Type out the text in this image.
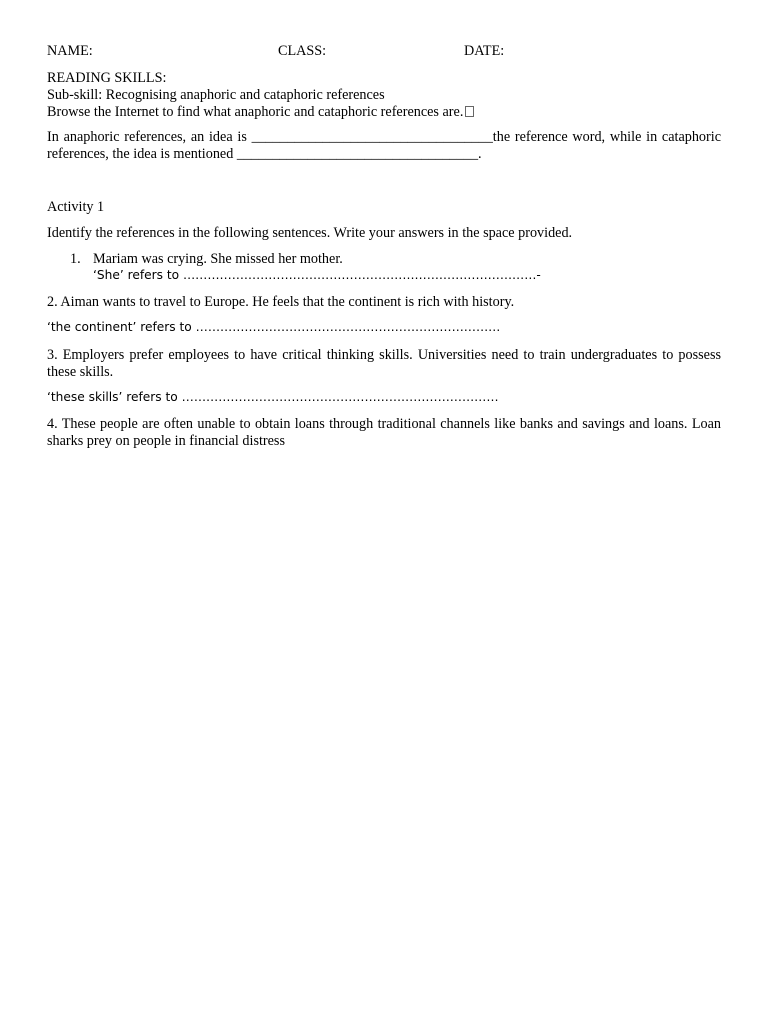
NAME:	CLASS:	DATE:
READING SKILLS:
Sub-skill: Recognising anaphoric and cataphoric references
Browse the Internet to find what anaphoric and cataphoric references are.
In anaphoric references, an idea is __________________________________the reference word, while in cataphoric references, the idea is mentioned __________________________________.
Activity 1
Identify the references in the following sentences. Write your answers in the space provided.
1. Mariam was crying. She missed her mother.
‘She’ refers to ……………………………………………………………………………-
2. Aiman wants to travel to Europe. He feels that the continent is rich with history.
‘the continent’ refers to …………………………………………………………………
3. Employers prefer employees to have critical thinking skills. Universities need to train undergraduates to possess these skills.
‘these skills’ refers to ……………………………………………………………………
4. These people are often unable to obtain loans through traditional channels like banks and savings and loans. Loan sharks prey on people in financial distress
